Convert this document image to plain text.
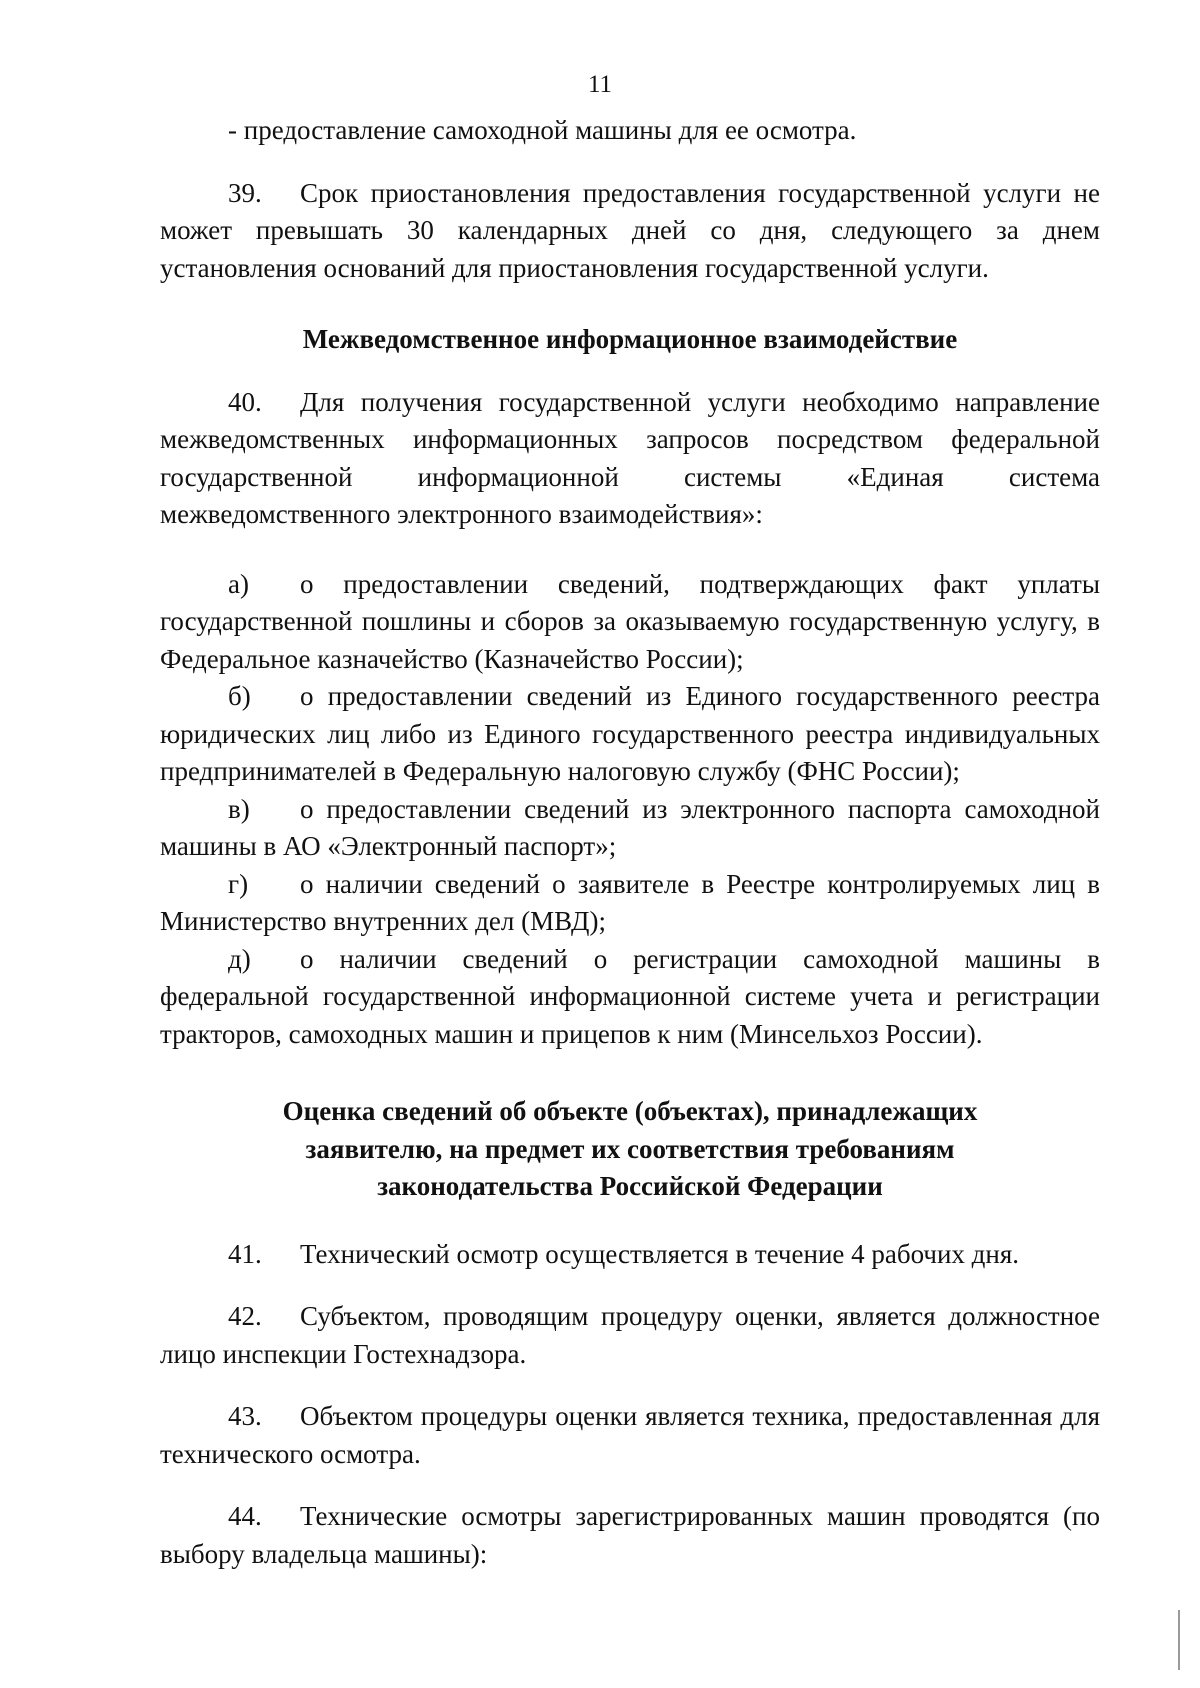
11

- предоставление самоходной машины для ее осмотра.

39. Срок приостановления предоставления государственной услуги не может превышать 30 календарных дней со дня, следующего за днем установления оснований для приостановления государственной услуги.

Межведомственное информационное взаимодействие

40. Для получения государственной услуги необходимо направление межведомственных информационных запросов посредством федеральной государственной информационной системы «Единая система межведомственного электронного взаимодействия»:

а) о предоставлении сведений, подтверждающих факт уплаты государственной пошлины и сборов за оказываемую государственную услугу, в Федеральное казначейство (Казначейство России);

б) о предоставлении сведений из Единого государственного реестра юридических лиц либо из Единого государственного реестра индивидуальных предпринимателей в Федеральную налоговую службу (ФНС России);

в) о предоставлении сведений из электронного паспорта самоходной машины в АО «Электронный паспорт»;

г) о наличии сведений о заявителе в Реестре контролируемых лиц в Министерство внутренних дел (МВД);

д) о наличии сведений о регистрации самоходной машины в федеральной государственной информационной системе учета и регистрации тракторов, самоходных машин и прицепов к ним (Минсельхоз России).

Оценка сведений об объекте (объектах), принадлежащих

заявителю, на предмет их соответствия требованиям

законодательства Российской Федерации

41. Технический осмотр осуществляется в течение 4 рабочих дня.

42. Субъектом, проводящим процедуру оценки, является должностное лицо инспекции Гостехнадзора.

43. Объектом процедуры оценки является техника, предоставленная для технического осмотра.

44. Технические осмотры зарегистрированных машин проводятся (по выбору владельца машины):
